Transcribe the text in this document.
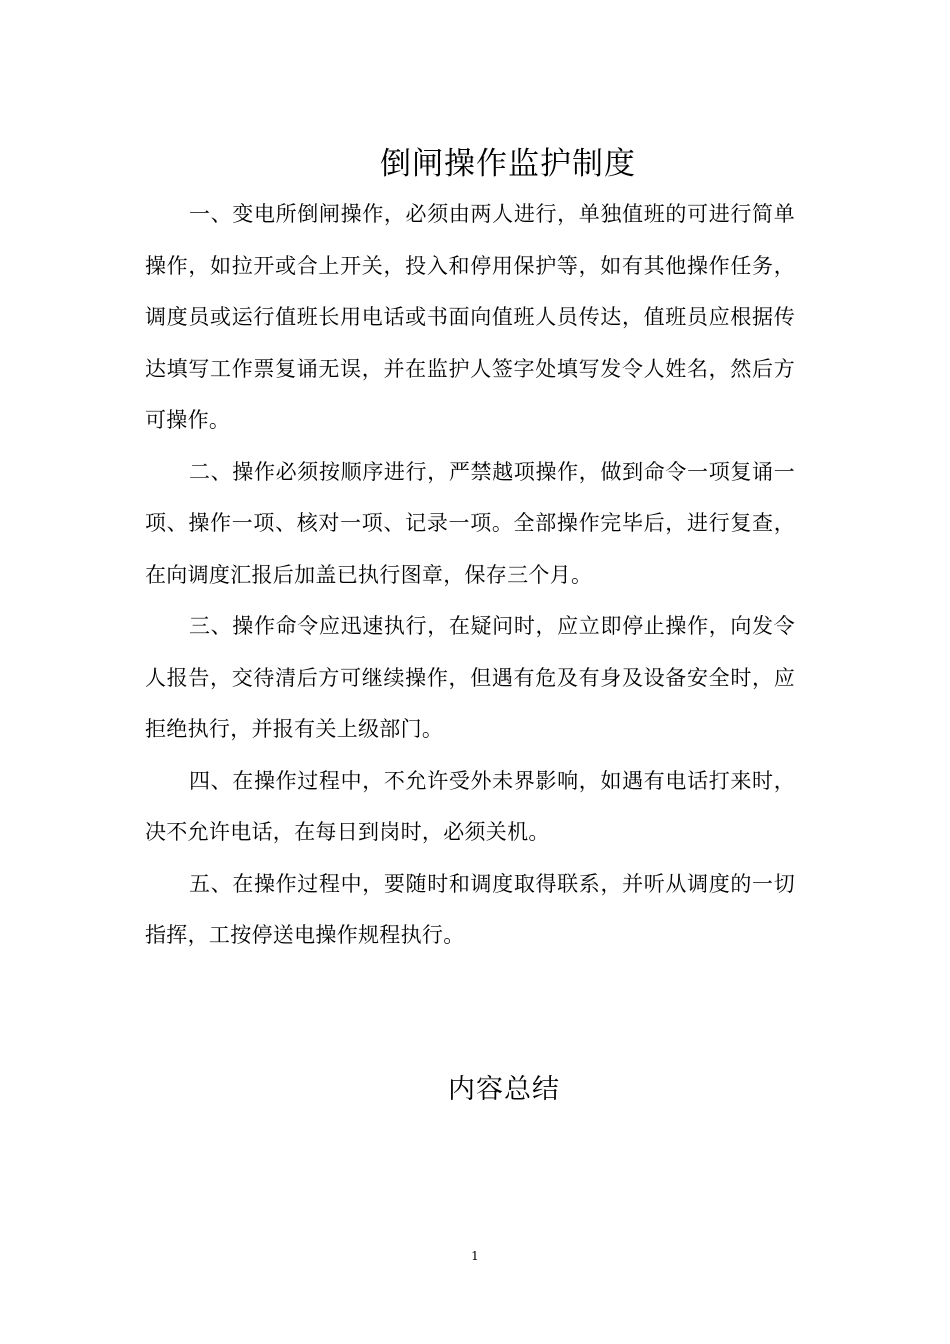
倒闸操作监护制度

一、变电所倒闸操作，必须由两人进行，单独值班的可进行简单操作，如拉开或合上开关，投入和停用保护等，如有其他操作任务，调度员或运行值班长用电话或书面向值班人员传达，值班员应根据传达填写工作票复诵无误，并在监护人签字处填写发令人姓名，然后方可操作。

二、操作必须按顺序进行，严禁越项操作，做到命令一项复诵一项、操作一项、核对一项、记录一项。全部操作完毕后，进行复查，在向调度汇报后加盖已执行图章，保存三个月。

三、操作命令应迅速执行，在疑问时，应立即停止操作，向发令人报告，交待清后方可继续操作，但遇有危及有身及设备安全时，应拒绝执行，并报有关上级部门。

四、在操作过程中，不允许受外未界影响，如遇有电话打来时，决不允许电话，在每日到岗时，必须关机。

五、在操作过程中，要随时和调度取得联系，并听从调度的一切指挥，工按停送电操作规程执行。

内容总结
1
